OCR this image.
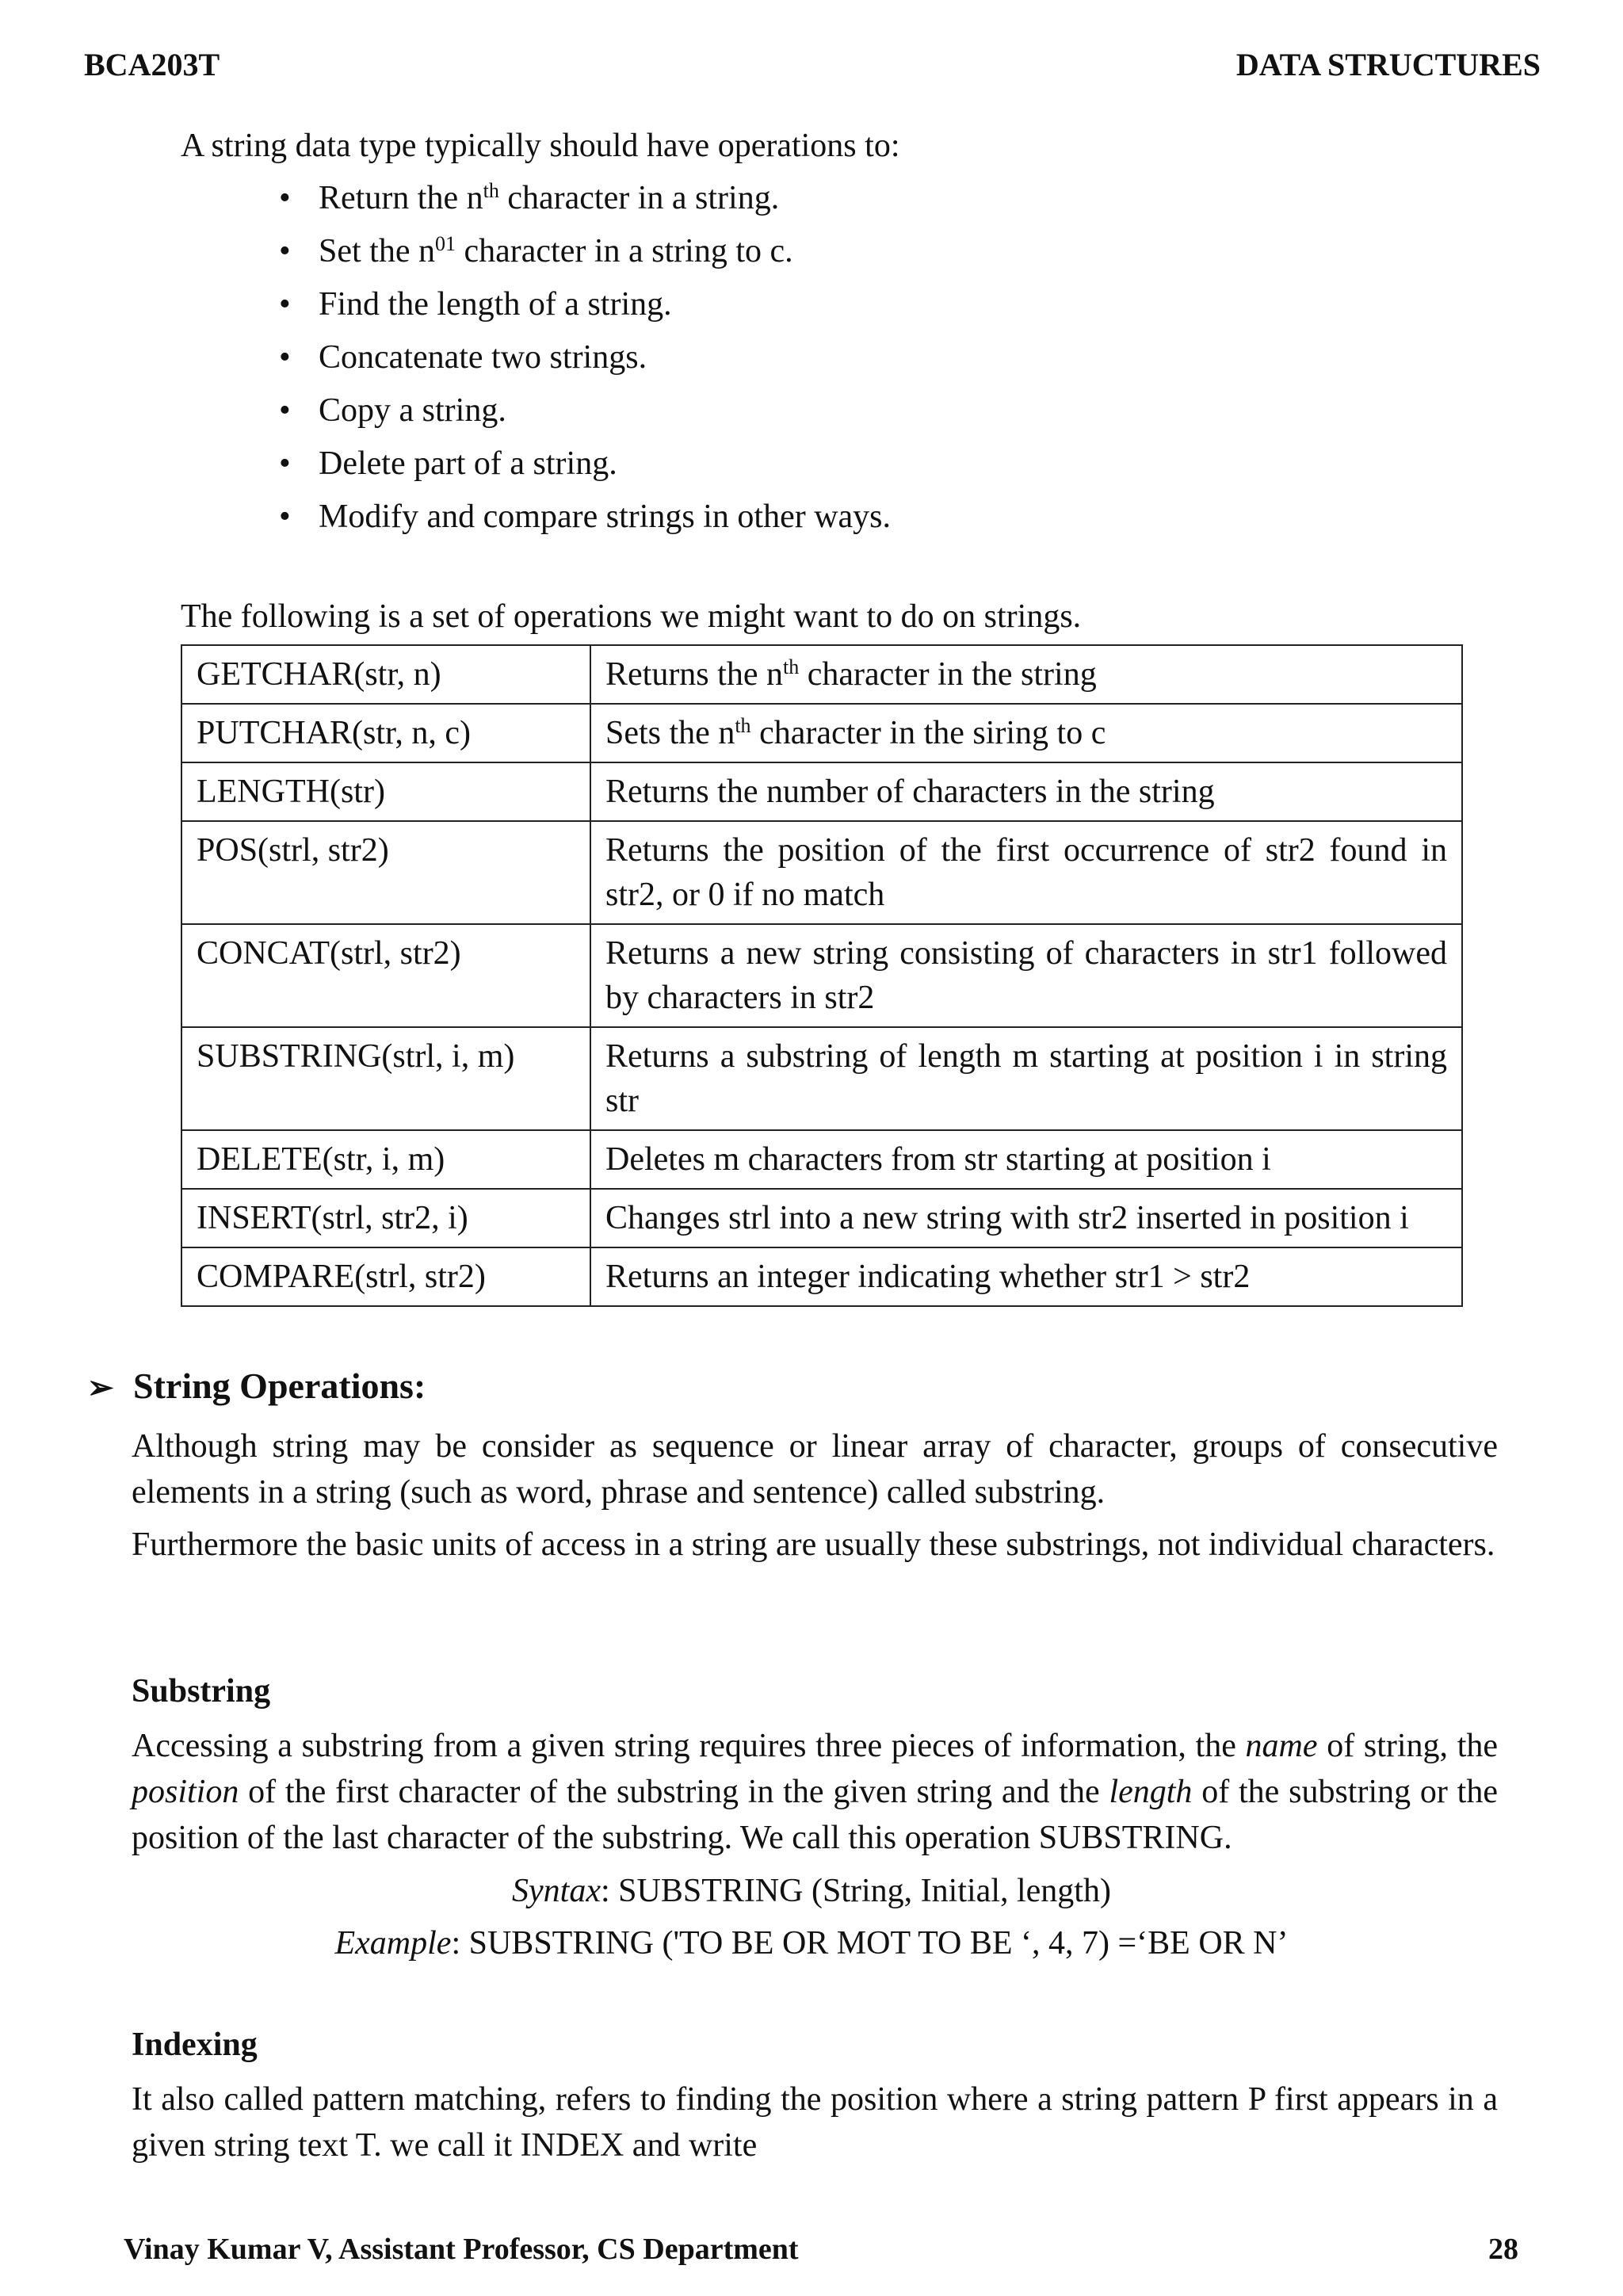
BCA203T	DATA STRUCTURES
A string data type typically should have operations to:
• Return the $n^{th}$ character in a string.
• Set the $n^{01}$ character in a string to c.
• Find the length of a string.
• Concatenate two strings.
• Copy a string.
• Delete part of a string.
• Modify and compare strings in other ways.
The following is a set of operations we might want to do on strings.
GETCHAR(str, n)	Returns the $n^{th}$ character in the string
PUTCHAR(str, n, c)	Sets the $n^{th}$ character in the siring to c
LENGTH(str)	Returns the number of characters in the string
POS(strl, str2)	Returns the position of the first occurrence of str2 found in str2, or 0 if no match
CONCAT(strl, str2)	Returns a new string consisting of characters in str1 followed by characters in str2
SUBSTRING(strl, i, m)	Returns a substring of length m starting at position i in string str
DELETE(str, i, m)	Deletes m characters from str starting at position i
INSERT(strl, str2, i)	Changes strl into a new string with str2 inserted in position i
COMPARE(strl, str2)	Returns an integer indicating whether str1 > str2
➢ String Operations:
Although string may be consider as sequence or linear array of character, groups of consecutive elements in a string (such as word, phrase and sentence) called substring.
Furthermore the basic units of access in a string are usually these substrings, not individual characters.
Substring
Accessing a substring from a given string requires three pieces of information, the name of string, the position of the first character of the substring in the given string and the length of the substring or the position of the last character of the substring. We call this operation SUBSTRING.
Syntax: SUBSTRING (String, Initial, length)
Example: SUBSTRING ('TO BE OR MOT TO BE ‘, 4, 7) =‘BE OR N’
Indexing
It also called pattern matching, refers to finding the position where a string pattern P first appears in a given string text T. we call it INDEX and write
Vinay Kumar V, Assistant Professor, CS Department	28
